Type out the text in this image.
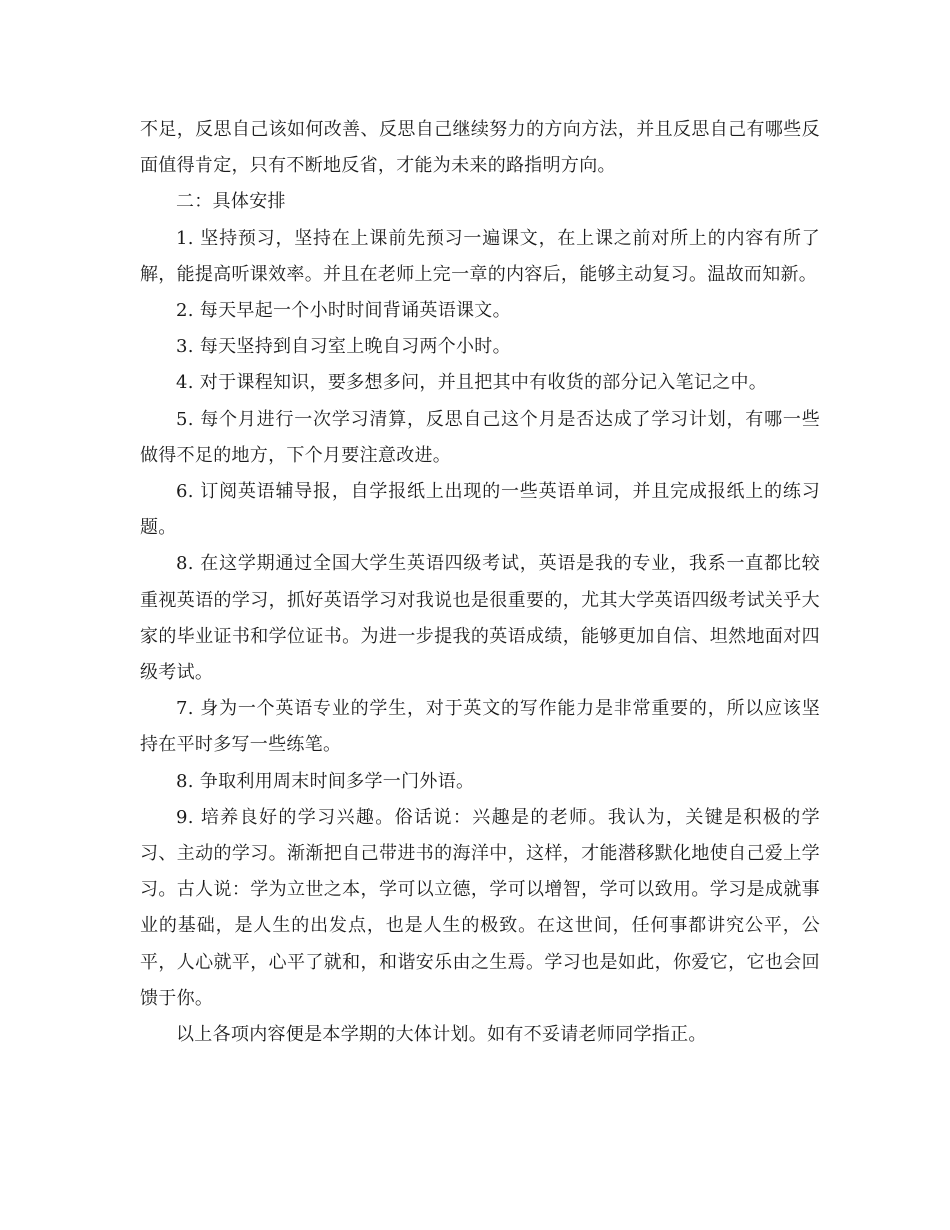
不足，反思自己该如何改善、反思自己继续努力的方向方法，并且反思自己有哪些反面值得肯定，只有不断地反省，才能为未来的路指明方向。

二：具体安排

1. 坚持预习，坚持在上课前先预习一遍课文，在上课之前对所上的内容有所了解，能提高听课效率。并且在老师上完一章的内容后，能够主动复习。温故而知新。

2. 每天早起一个小时时间背诵英语课文。

3. 每天坚持到自习室上晚自习两个小时。

4. 对于课程知识，要多想多问，并且把其中有收货的部分记入笔记之中。

5. 每个月进行一次学习清算，反思自己这个月是否达成了学习计划，有哪一些做得不足的地方，下个月要注意改进。

6. 订阅英语辅导报，自学报纸上出现的一些英语单词，并且完成报纸上的练习题。

8. 在这学期通过全国大学生英语四级考试，英语是我的专业，我系一直都比较重视英语的学习，抓好英语学习对我说也是很重要的，尤其大学英语四级考试关乎大家的毕业证书和学位证书。为进一步提我的英语成绩，能够更加自信、坦然地面对四级考试。

7. 身为一个英语专业的学生，对于英文的写作能力是非常重要的，所以应该坚持在平时多写一些练笔。

8. 争取利用周末时间多学一门外语。

9. 培养良好的学习兴趣。俗话说：兴趣是的老师。我认为，关键是积极的学习、主动的学习。渐渐把自己带进书的海洋中，这样，才能潜移默化地使自己爱上学习。古人说：学为立世之本，学可以立德，学可以增智，学可以致用。学习是成就事业的基础，是人生的出发点，也是人生的极致。在这世间，任何事都讲究公平，公平，人心就平，心平了就和，和谐安乐由之生焉。学习也是如此，你爱它，它也会回馈于你。

以上各项内容便是本学期的大体计划。如有不妥请老师同学指正。
